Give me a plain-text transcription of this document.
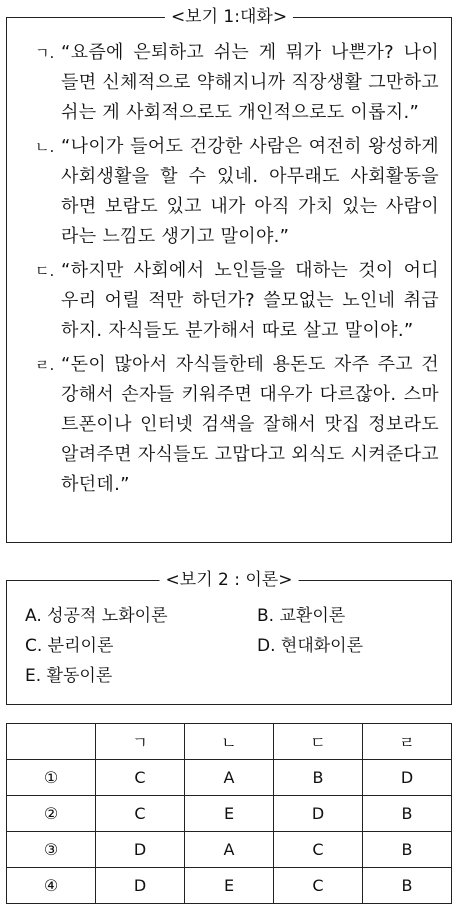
<보기 1:대화>
ㄱ. “요즘에 은퇴하고 쉬는 게 뭐가 나쁜가? 나이 들면 신체적으로 약해지니까 직장생활 그만하고 쉬는 게 사회적으로도 개인적으로도 이롭지.”
ㄴ. “나이가 들어도 건강한 사람은 여전히 왕성하게 사회생활을 할 수 있네. 아무래도 사회활동을 하면 보람도 있고 내가 아직 가치 있는 사람이라는 느낌도 생기고 말이야.”
ㄷ. “하지만 사회에서 노인들을 대하는 것이 어디 우리 어릴 적만 하던가? 쓸모없는 노인네 취급하지. 자식들도 분가해서 따로 살고 말이야.”
ㄹ. “돈이 많아서 자식들한테 용돈도 자주 주고 건강해서 손자들 키워주면 대우가 다르잖아. 스마트폰이나 인터넷 검색을 잘해서 맛집 정보라도 알려주면 자식들도 고맙다고 외식도 시켜준다고 하던데.”
<보기 2 : 이론>
A. 성공적 노화이론	B. 교환이론
C. 분리이론	D. 현대화이론
E. 활동이론
	ㄱ	ㄴ	ㄷ	ㄹ
①	C	A	B	D
②	C	E	D	B
③	D	A	C	B
④	D	E	C	B
